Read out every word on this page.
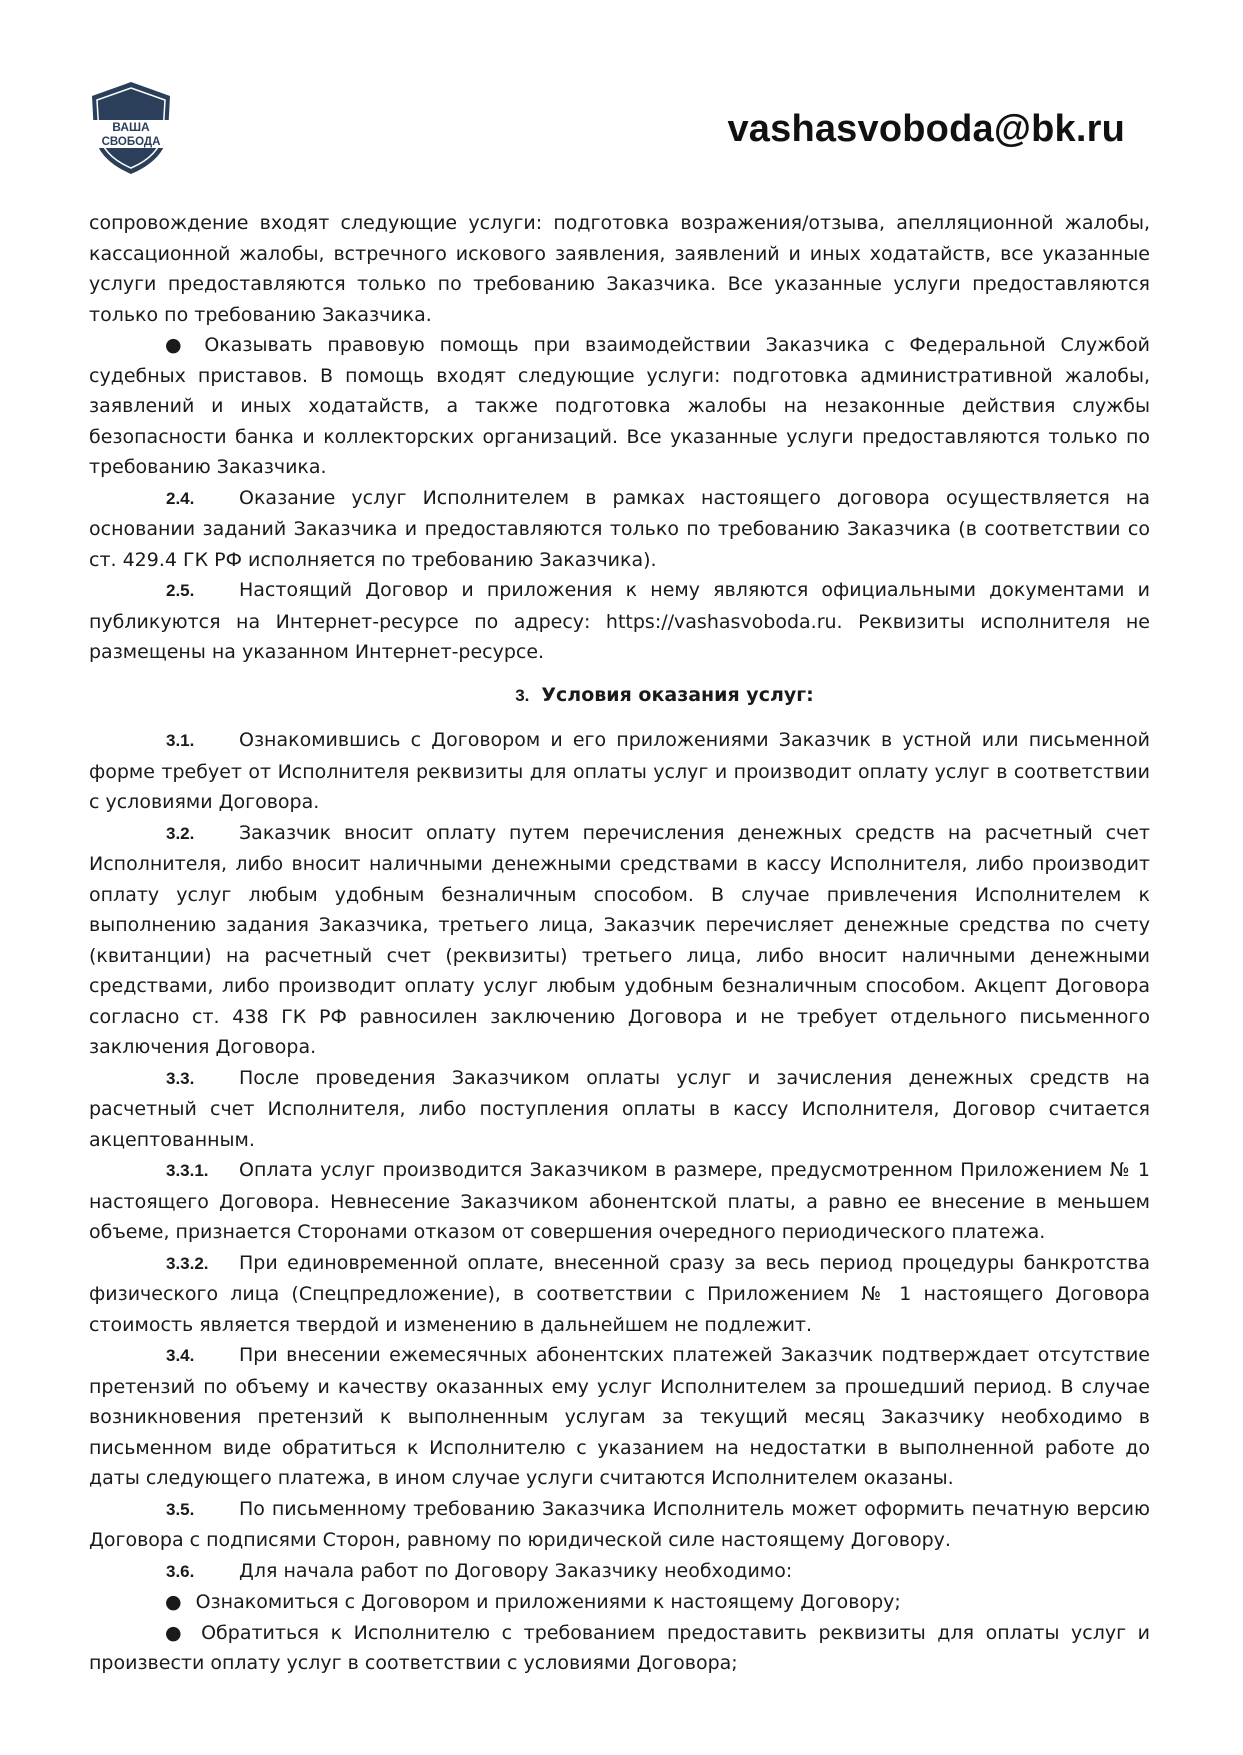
ВАША
СВОБОДА	vashasvoboda@bk.ru

сопровождение входят следующие услуги: подготовка возражения/отзыва, апелляционной жалобы, кассационной жалобы, встречного искового заявления, заявлений и иных ходатайств, все указанные услуги предоставляются только по требованию Заказчика. Все указанные услуги предоставляются только по требованию Заказчика.

● Оказывать правовую помощь при взаимодействии Заказчика с Федеральной Службой судебных приставов. В помощь входят следующие услуги: подготовка административной жалобы, заявлений и иных ходатайств, а также подготовка жалобы на незаконные действия службы безопасности банка и коллекторских организаций. Все указанные услуги предоставляются только по требованию Заказчика.

2.4. Оказание услуг Исполнителем в рамках настоящего договора осуществляется на основании заданий Заказчика и предоставляются только по требованию Заказчика (в соответствии со ст. 429.4 ГК РФ исполняется по требованию Заказчика).

2.5. Настоящий Договор и приложения к нему являются официальными документами и публикуются на Интернет-ресурсе по адресу: https://vashasvoboda.ru. Реквизиты исполнителя не размещены на указанном Интернет-ресурсе.

3. Условия оказания услуг:

3.1. Ознакомившись с Договором и его приложениями Заказчик в устной или письменной форме требует от Исполнителя реквизиты для оплаты услуг и производит оплату услуг в соответствии с условиями Договора.

3.2. Заказчик вносит оплату путем перечисления денежных средств на расчетный счет Исполнителя, либо вносит наличными денежными средствами в кассу Исполнителя, либо производит оплату услуг любым удобным безналичным способом. В случае привлечения Исполнителем к выполнению задания Заказчика, третьего лица, Заказчик перечисляет денежные средства по счету (квитанции) на расчетный счет (реквизиты) третьего лица, либо вносит наличными денежными средствами, либо производит оплату услуг любым удобным безналичным способом. Акцепт Договора согласно ст. 438 ГК РФ равносилен заключению Договора и не требует отдельного письменного заключения Договора.

3.3. После проведения Заказчиком оплаты услуг и зачисления денежных средств на расчетный счет Исполнителя, либо поступления оплаты в кассу Исполнителя, Договор считается акцептованным.

3.3.1. Оплата услуг производится Заказчиком в размере, предусмотренном Приложением № 1 настоящего Договора. Невнесение Заказчиком абонентской платы, а равно ее внесение в меньшем объеме, признается Сторонами отказом от совершения очередного периодического платежа.

3.3.2. При единовременной оплате, внесенной сразу за весь период процедуры банкротства физического лица (Спецпредложение), в соответствии с Приложением № 1 настоящего Договора стоимость является твердой и изменению в дальнейшем не подлежит.

3.4. При внесении ежемесячных абонентских платежей Заказчик подтверждает отсутствие претензий по объему и качеству оказанных ему услуг Исполнителем за прошедший период. В случае возникновения претензий к выполненным услугам за текущий месяц Заказчику необходимо в письменном виде обратиться к Исполнителю с указанием на недостатки в выполненной работе до даты следующего платежа, в ином случае услуги считаются Исполнителем оказаны.

3.5. По письменному требованию Заказчика Исполнитель может оформить печатную версию Договора с подписями Сторон, равному по юридической силе настоящему Договору.

3.6. Для начала работ по Договору Заказчику необходимо:

● Ознакомиться с Договором и приложениями к настоящему Договору;

● Обратиться к Исполнителю с требованием предоставить реквизиты для оплаты услуг и произвести оплату услуг в соответствии с условиями Договора;
